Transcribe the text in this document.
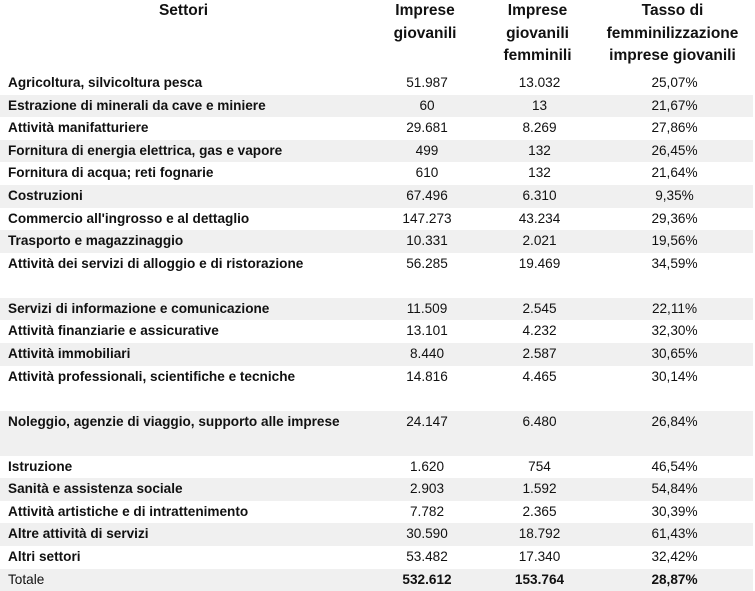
Settori	Imprese giovanili	Imprese giovanili femminili	Tasso di femminilizzazione imprese giovanili
Agricoltura, silvicoltura pesca	51.987	13.032	25,07%
Estrazione di minerali da cave e miniere	60	13	21,67%
Attività manifatturiere	29.681	8.269	27,86%
Fornitura di energia elettrica, gas e vapore	499	132	26,45%
Fornitura di acqua; reti fognarie	610	132	21,64%
Costruzioni	67.496	6.310	9,35%
Commercio all'ingrosso e al dettaglio	147.273	43.234	29,36%
Trasporto e magazzinaggio	10.331	2.021	19,56%
Attività dei servizi di alloggio e di ristorazione	56.285	19.469	34,59%
Servizi di informazione e comunicazione	11.509	2.545	22,11%
Attività finanziarie e assicurative	13.101	4.232	32,30%
Attività immobiliari	8.440	2.587	30,65%
Attività professionali, scientifiche e tecniche	14.816	4.465	30,14%
Noleggio, agenzie di viaggio, supporto alle imprese	24.147	6.480	26,84%
Istruzione	1.620	754	46,54%
Sanità e assistenza sociale	2.903	1.592	54,84%
Attività artistiche e di intrattenimento	7.782	2.365	30,39%
Altre attività di servizi	30.590	18.792	61,43%
Altri settori	53.482	17.340	32,42%
Totale	532.612	153.764	28,87%
